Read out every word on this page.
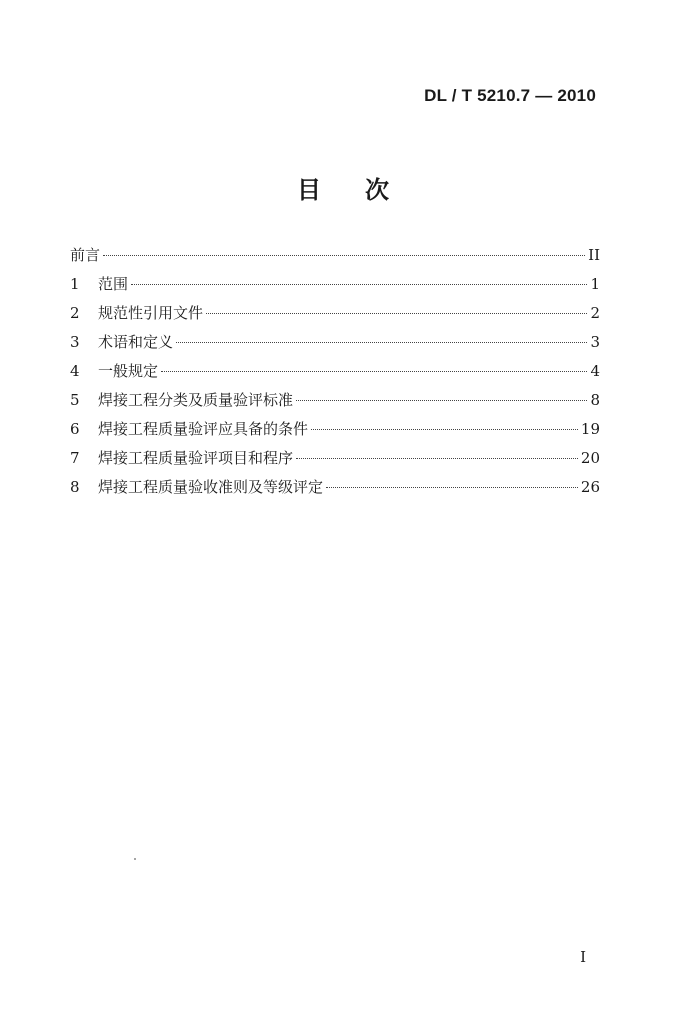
DL / T 5210.7 — 2010
目次
前言	II
1	范围	1
2	规范性引用文件	2
3	术语和定义	3
4	一般规定	4
5	焊接工程分类及质量验评标准	8
6	焊接工程质量验评应具备的条件	19
7	焊接工程质量验评项目和程序	20
8	焊接工程质量验收准则及等级评定	26
I
